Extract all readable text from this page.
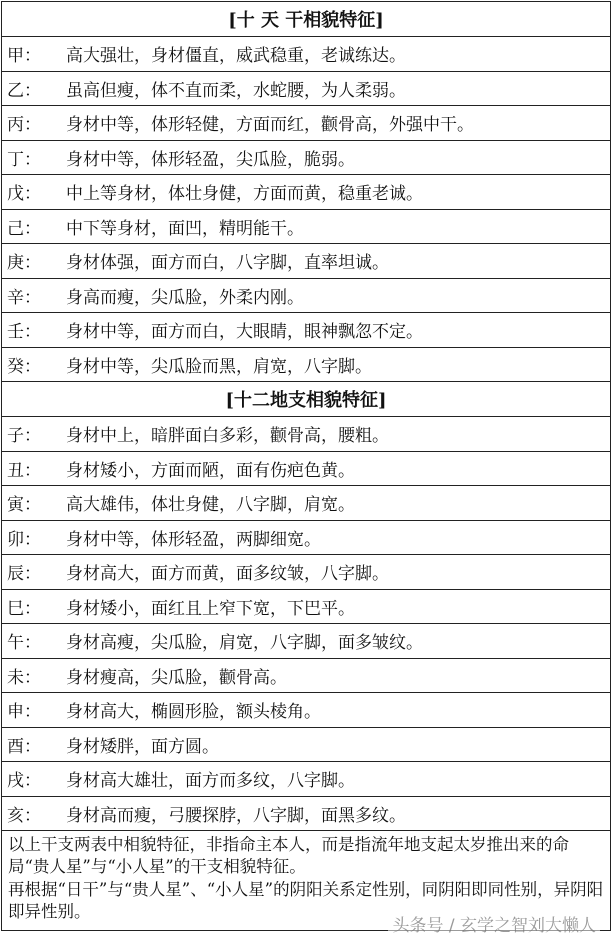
[十 天 干相貌特征]
甲： 高大强壮，身材僵直，威武稳重，老诚练达。
乙： 虽高但瘦，体不直而柔，水蛇腰，为人柔弱。
丙： 身材中等，体形轻健，方面而红，颧骨高，外强中干。
丁： 身材中等，体形轻盈，尖瓜脸，脆弱。
戊： 中上等身材，体壮身健，方面而黄，稳重老诚。
己： 中下等身材，面凹，精明能干。
庚： 身材体强，面方而白，八字脚，直率坦诚。
辛： 身高而瘦，尖瓜脸，外柔内刚。
壬： 身材中等，面方而白，大眼睛，眼神飘忽不定。
癸： 身材中等，尖瓜脸而黑，肩宽，八字脚。
[十二地支相貌特征]
子： 身材中上，暗胖面白多彩，颧骨高，腰粗。
丑： 身材矮小，方面而陋，面有伤疤色黄。
寅： 高大雄伟，体壮身健，八字脚，肩宽。
卯： 身材中等，体形轻盈，两脚细宽。
辰： 身材高大，面方而黄，面多纹皱，八字脚。
巳： 身材矮小，面红且上窄下宽，下巴平。
午： 身材高瘦，尖瓜脸，肩宽，八字脚，面多皱纹。
未： 身材瘦高，尖瓜脸，颧骨高。
申： 身材高大，椭圆形脸，额头棱角。
酉： 身材矮胖，面方圆。
戌： 身材高大雄壮，面方而多纹，八字脚。
亥： 身材高而瘦，弓腰探脖，八字脚，面黑多纹。

以上干支两表中相貌特征，非指命主本人，而是指流年地支起太岁推出来的命局“贵人星”与“小人星”的干支相貌特征。

再根据“日干”与“贵人星”、“小人星”的阴阳关系定性别，同阴阳即同性别，异阴阳即异性别。

头条号 / 玄学之智刘大懒人
